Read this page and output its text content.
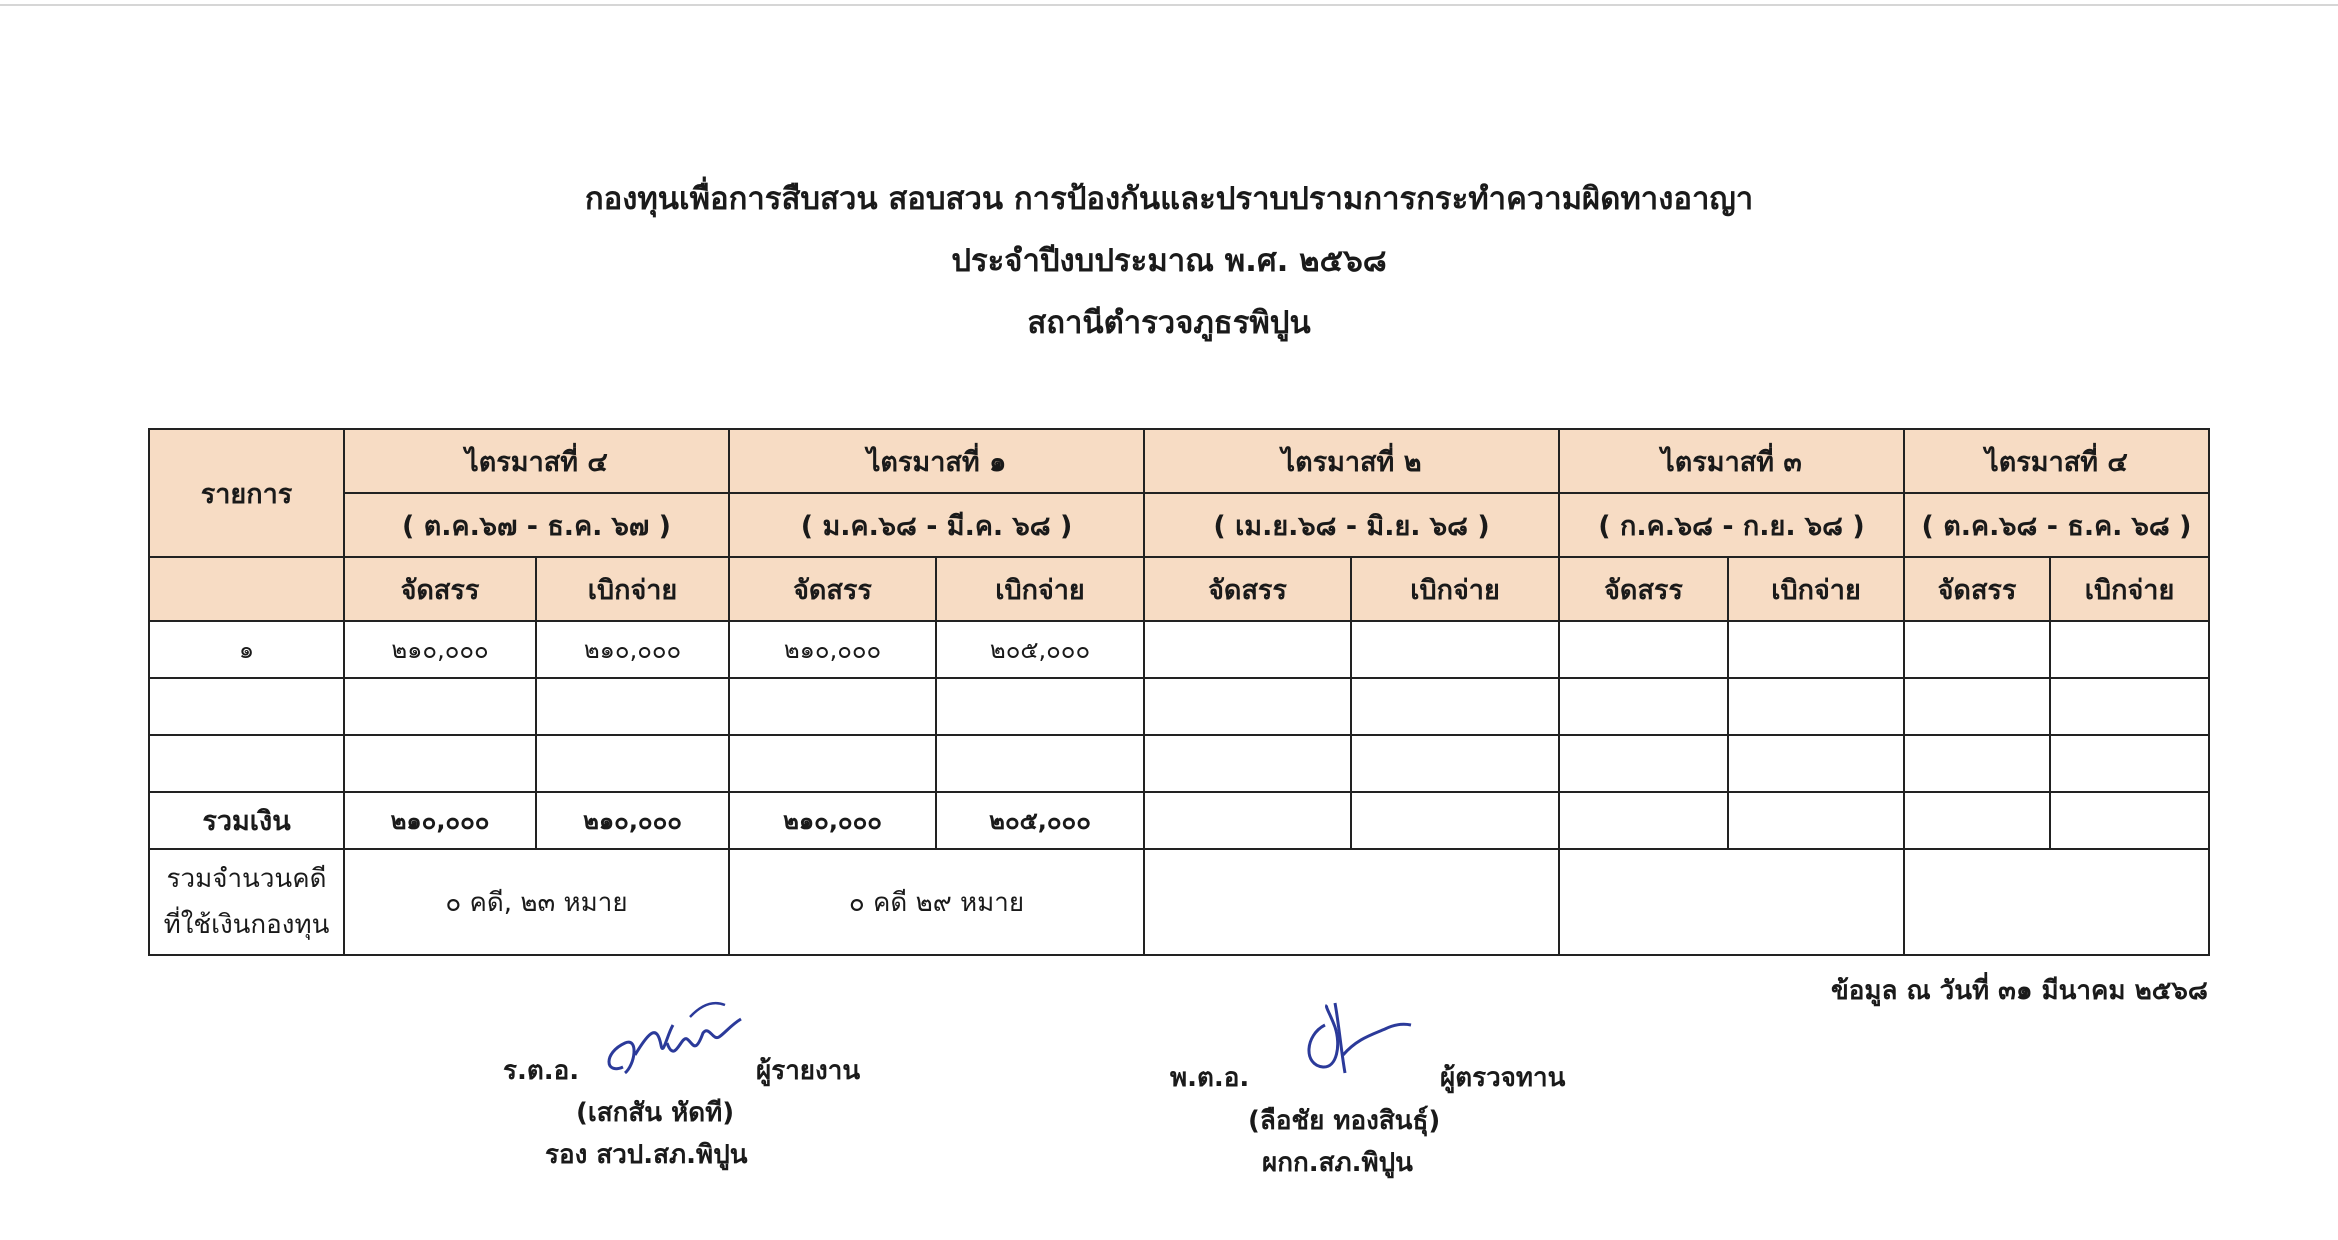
กองทุนเพื่อการสืบสวน สอบสวน การป้องกันและปราบปรามการกระทำความผิดทางอาญา
ประจำปีงบประมาณ พ.ศ. ๒๕๖๘
สถานีตำรวจภูธรพิปูน
รายการ	ไตรมาสที่ ๔		ไตรมาสที่ ๑		ไตรมาสที่ ๒		ไตรมาสที่ ๓		ไตรมาสที่ ๔	
	( ต.ค.๖๗ - ธ.ค. ๖๗ )		( ม.ค.๖๘ - มี.ค. ๖๘ )		( เม.ย.๖๘ - มิ.ย. ๖๘ )		( ก.ค.๖๘ - ก.ย. ๖๘ )		( ต.ค.๖๘ - ธ.ค. ๖๘ )	
	จัดสรร	เบิกจ่าย	จัดสรร	เบิกจ่าย	จัดสรร	เบิกจ่าย	จัดสรร	เบิกจ่าย	จัดสรร	เบิกจ่าย
๑	๒๑๐,๐๐๐	๒๑๐,๐๐๐	๒๑๐,๐๐๐	๒๐๕,๐๐๐						

รวมเงิน	๒๑๐,๐๐๐	๒๑๐,๐๐๐	๒๑๐,๐๐๐	๒๐๕,๐๐๐						

รวมจำนวนคดี
ที่ใช้เงินกองทุน	๐ คดี, ๒๓ หมาย		๐ คดี ๒๙ หมาย							
ข้อมูล ณ วันที่ ๓๑ มีนาคม ๒๕๖๘
ร.ต.อ.	ผู้รายงาน
(เสกสัน หัดที)
รอง สวป.สภ.พิปูน
พ.ต.อ.	ผู้ตรวจทาน
(ลือชัย ทองสินธุ์)
ผกก.สภ.พิปูน
